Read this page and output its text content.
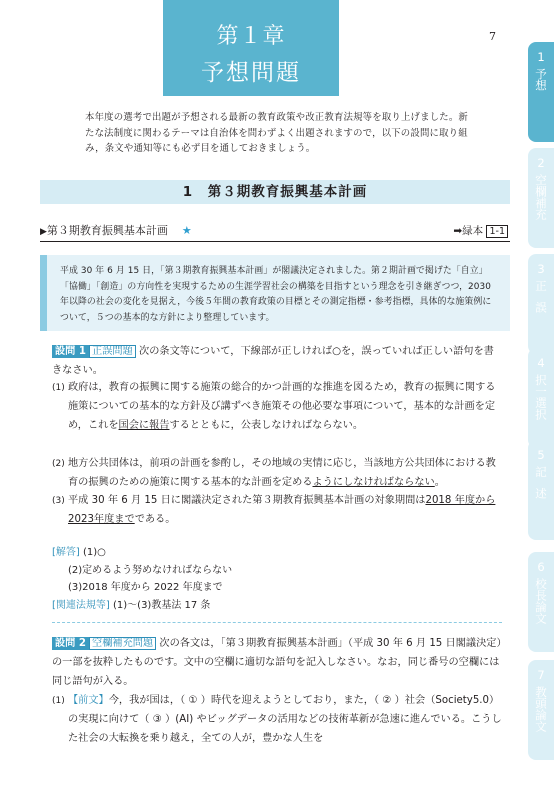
7
第１章
予想問題

本年度の選考で出題が予想される最新の教育政策や改正教育法規等を取り上げました。新たな法制度に関わるテーマは自治体を問わずよく出題されますので，以下の設問に取り組み，条文や通知等にも必ず目を通しておきましょう。

1　第３期教育振興基本計画
▶第３期教育振興基本計画 ★	➡緑本 1-1
平成 30 年 6 月 15 日，「第３期教育振興基本計画」が閣議決定されました。第２期計画で掲げた「自立」「協働」「創造」の方向性を実現するための生涯学習社会の構築を目指すという理念を引き継ぎつつ，2030 年以降の社会の変化を見据え，今後５年間の教育政策の目標とその測定指標・参考指標，具体的な施策例について，５つの基本的な方針により整理しています。
設問 1 正誤問題 次の条文等について，下線部が正しければ○を，誤っていれば正しい語句を書きなさい。
(1) 政府は，教育の振興に関する施策の総合的かつ計画的な推進を図るため，教育の振興に関する施策についての基本的な方針及び講ずべき施策その他必要な事項について，基本的な計画を定め，これを国会に報告するとともに，公表しなければならない。
(2) 地方公共団体は，前項の計画を参酌し，その地域の実情に応じ，当該地方公共団体における教育の振興のための施策に関する基本的な計画を定めるようにしなければならない。
(3) 平成 30 年 6 月 15 日に閣議決定された第３期教育振興基本計画の対象期間は2018 年度から2023年度までである。
[解答] (1)○
(2)定めるよう努めなければならない
(3)2018 年度から 2022 年度まで
[関連法規等] (1)〜(3)教基法 17 条
設問 2 空欄補充問題 次の各文は，「第３期教育振興基本計画」（平成 30 年 6 月 15 日閣議決定）の一部を抜粋したものです。文中の空欄に適切な語句を記入しなさい。なお，同じ番号の空欄には同じ語句が入る。
(1) 【前文】今，我が国は，（ ① ）時代を迎えようとしており，また，（ ② ）社会（Society5.0）の実現に向けて（ ③ ）(AI) やビッグデータの活用などの技術革新が急速に進んでいる。こうした社会の大転換を乗り越え，全ての人が，豊かな人生を
1
予想
2
空欄補充
3
正誤
4
択一選択
5
記述
6
校長論文
7
教頭論文
